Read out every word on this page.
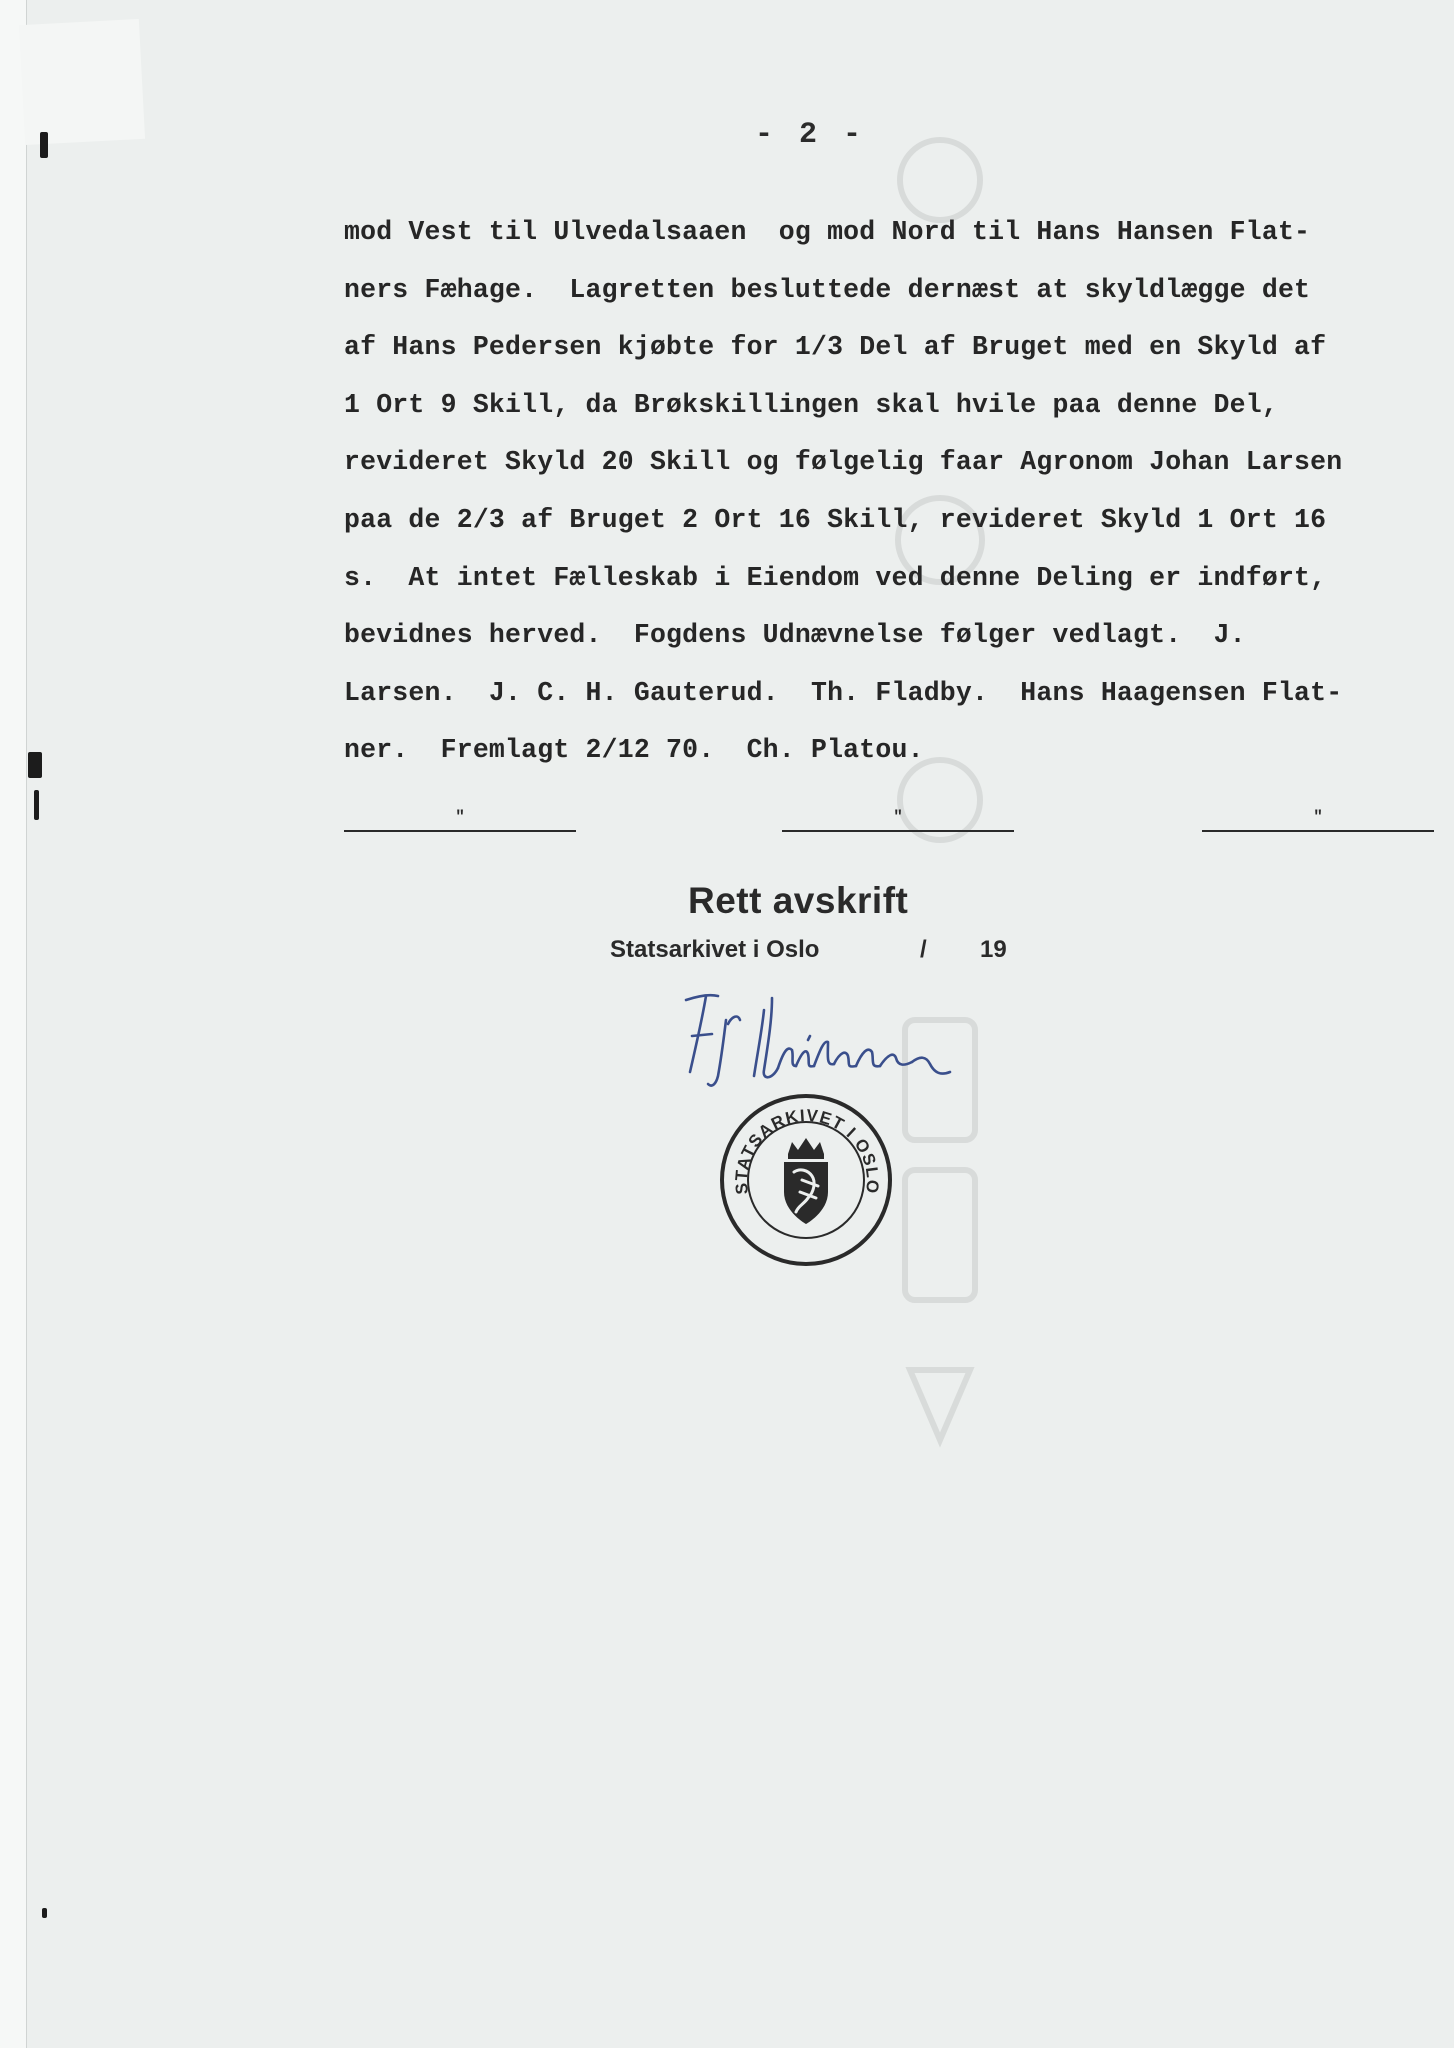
- 2 -
mod Vest til Ulvedalsaaen  og mod Nord til Hans Hansen Flat-
ners Fæhage.  Lagretten besluttede dernæst at skyldlægge det
af Hans Pedersen kjøbte for 1/3 Del af Bruget med en Skyld af
1 Ort 9 Skill, da Brøkskillingen skal hvile paa denne Del,
revideret Skyld 20 Skill og følgelig faar Agronom Johan Larsen
paa de 2/3 af Bruget 2 Ort 16 Skill, revideret Skyld 1 Ort 16
s.  At intet Fælleskab i Eiendom ved denne Deling er indført,
bevidnes herved.  Fogdens Udnævnelse følger vedlagt.  J.
Larsen.  J. C. H. Gauterud.  Th. Fladby.  Hans Haagensen Flat-
ner.  Fremlagt 2/12 70.  Ch. Platou.
"	"	"
Rett avskrift
Statsarkivet i Oslo	/ 19
STATSARKIVET I OSLO
